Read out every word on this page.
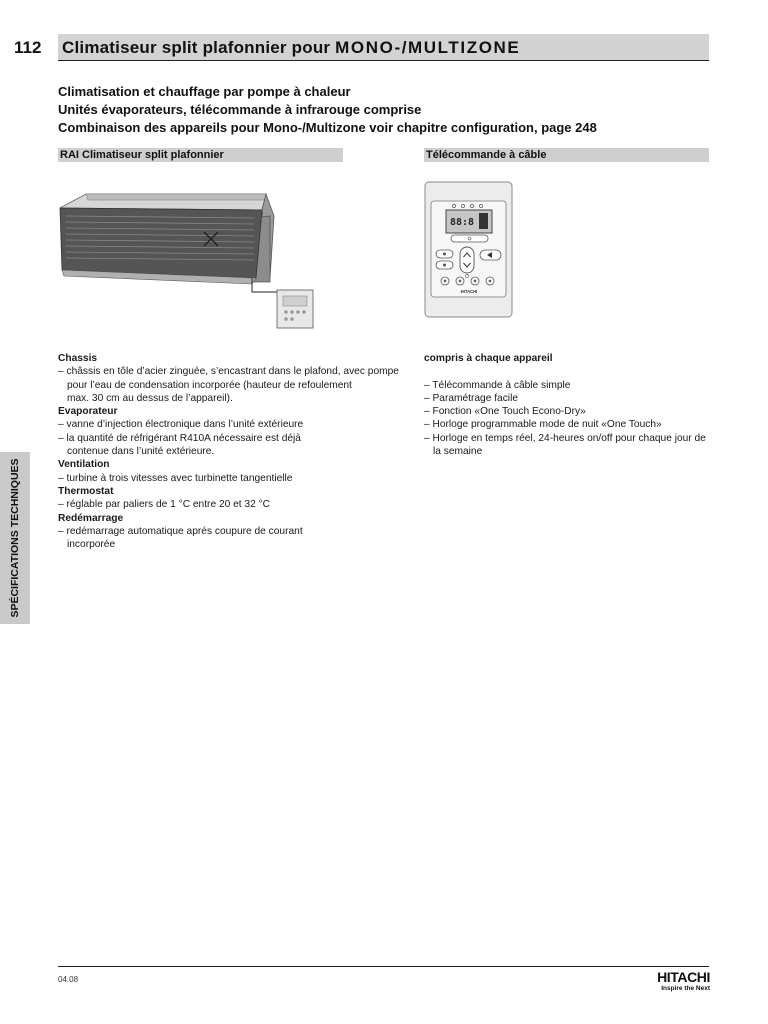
112 Climatiseur split plafonnier pour MONO-/MULTIZONE
Climatisation et chauffage par pompe à chaleur
Unités évaporateurs, télécommande à infrarouge comprise
Combinaison des appareils pour Mono-/Multizone voir chapitre configuration, page 248
RAI Climatiseur split plafonnier	Télécommande à câble
88:8
HITACHI
Chassis
– châssis en tôle d’acier zinguée, s’encastrant dans le plafond, avec pompe
pour l’eau de condensation incorporée (hauteur de refoulement
max. 30 cm au dessus de l’appareil).
Evaporateur
– vanne d’injection électronique dans l’unité extérieure
– la quantité de réfrigérant R410A nécessaire est déjà
contenue dans l’unité extérieure.
Ventilation
– turbine à trois vitesses avec turbinette tangentielle
Thermostat
– réglable par paliers de 1 °C entre 20 et 32 °C
Redémarrage
– redémarrage automatique aprés coupure de courant
incorporée
compris à chaque appareil
– Télécommande à câble simple
– Paramétrage facile
– Fonction «One Touch Econo-Dry»
– Horloge programmable mode de nuit «One Touch»
– Horloge en temps réel, 24-heures on/off pour chaque jour de
la semaine
SPÉCIFICATIONS TECHNIQUES
04.08	HITACHI
Inspire the Next
